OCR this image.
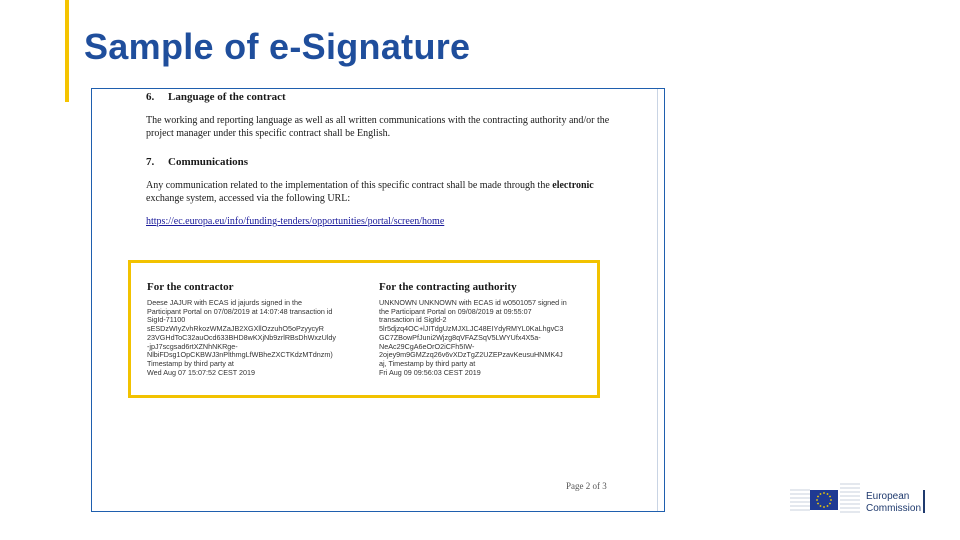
Sample of e-Signature

6. Language of the contract

The working and reporting language as well as all written communications with the contracting authority and/or the project manager under this specific contract shall be English.

7. Communications

Any communication related to the implementation of this specific contract shall be made through the electronic exchange system, accessed via the following URL:

https://ec.europa.eu/info/funding-tenders/opportunities/portal/screen/home

Page 2 of 3

For the contractor

Deese JAJUR with ECAS id jajurds signed in the
Participant Portal on 07/08/2019 at 14:07:48 transaction id
SigId-71100
sESDzWIyZvhRkozWMZaJB2XGXllOzzuhO5oPzyycyR
23VGHdToC32auOcd633BHD8wKXjNb9zrlRBsDhWxzUldy
-jpJ7scgsad6rtXZNhNKRge-
NlbiFDsg1OpCKBWJ3nPlthmgLfWBheZXCTKdzMTdnzm)
Timestamp by third party at
Wed Aug 07 15:07:52 CEST 2019

For the contracting authority

UNKNOWN UNKNOWN with ECAS id w0501057 signed in
the Participant Portal on 09/08/2019 at 09:55:07
transaction id SigId-2
5lr5djzq4OC+lJITdgUzMJXLJC48EIYdyRMYL0KaLhgvC3
GC7ZBowPfJuni2Wjzg8qVFAZSqV5LWYUfx4X5a-
NeAc29CgA6eOrO2iCFh5IW-
2ojey9m9GMZzq26v6vXDzTgZ2UZEPzavKeusuHNMK4J
aj, Timestamp by third party at
Fri Aug 09 09:56:03 CEST 2019
European
Commission
